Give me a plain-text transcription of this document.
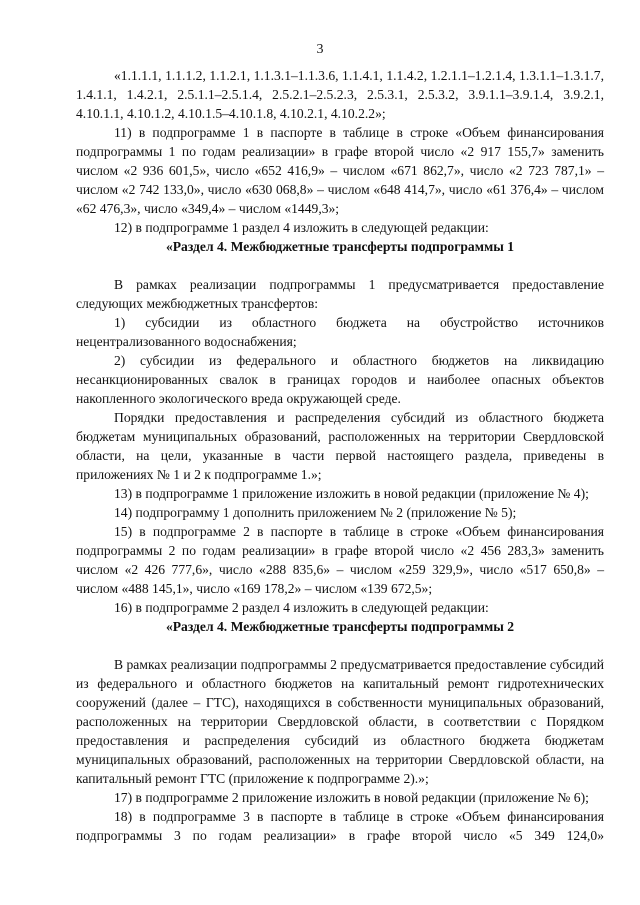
3

«1.1.1.1, 1.1.1.2, 1.1.2.1, 1.1.3.1–1.1.3.6, 1.1.4.1, 1.1.4.2, 1.2.1.1–1.2.1.4, 1.3.1.1–1.3.1.7, 1.4.1.1, 1.4.2.1, 2.5.1.1–2.5.1.4, 2.5.2.1–2.5.2.3, 2.5.3.1, 2.5.3.2, 3.9.1.1–3.9.1.4, 3.9.2.1, 4.10.1.1, 4.10.1.2, 4.10.1.5–4.10.1.8, 4.10.2.1, 4.10.2.2»;

11) в подпрограмме 1 в паспорте в таблице в строке «Объем финансирования подпрограммы 1 по годам реализации» в графе второй число «2 917 155,7» заменить числом «2 936 601,5», число «652 416,9» – числом «671 862,7», число «2 723 787,1» – числом «2 742 133,0», число «630 068,8» – числом «648 414,7», число «61 376,4» – числом «62 476,3», число «349,4» – числом «1449,3»;

12) в подпрограмме 1 раздел 4 изложить в следующей редакции:

«Раздел 4. Межбюджетные трансферты подпрограммы 1

В рамках реализации подпрограммы 1 предусматривается предоставление следующих межбюджетных трансфертов:

1) субсидии из областного бюджета на обустройство источников нецентрализованного водоснабжения;

2) субсидии из федерального и областного бюджетов на ликвидацию несанкционированных свалок в границах городов и наиболее опасных объектов накопленного экологического вреда окружающей среде.

Порядки предоставления и распределения субсидий из областного бюджета бюджетам муниципальных образований, расположенных на территории Свердловской области, на цели, указанные в части первой настоящего раздела, приведены в приложениях № 1 и 2 к подпрограмме 1.»;

13) в подпрограмме 1 приложение изложить в новой редакции (приложение № 4);

14) подпрограмму 1 дополнить приложением № 2 (приложение № 5);

15) в подпрограмме 2 в паспорте в таблице в строке «Объем финансирования подпрограммы 2 по годам реализации» в графе второй число «2 456 283,3» заменить числом «2 426 777,6», число «288 835,6» – числом «259 329,9», число «517 650,8» – числом «488 145,1», число «169 178,2» – числом «139 672,5»;

16) в подпрограмме 2 раздел 4 изложить в следующей редакции:

«Раздел 4. Межбюджетные трансферты подпрограммы 2

В рамках реализации подпрограммы 2 предусматривается предоставление субсидий из федерального и областного бюджетов на капитальный ремонт гидротехнических сооружений (далее – ГТС), находящихся в собственности муниципальных образований, расположенных на территории Свердловской области, в соответствии с Порядком предоставления и распределения субсидий из областного бюджета бюджетам муниципальных образований, расположенных на территории Свердловской области, на капитальный ремонт ГТС (приложение к подпрограмме 2).»;

17) в подпрограмме 2 приложение изложить в новой редакции (приложение № 6);

18) в подпрограмме 3 в паспорте в таблице в строке «Объем финансирования подпрограммы 3 по годам реализации» в графе второй число «5 349 124,0»
